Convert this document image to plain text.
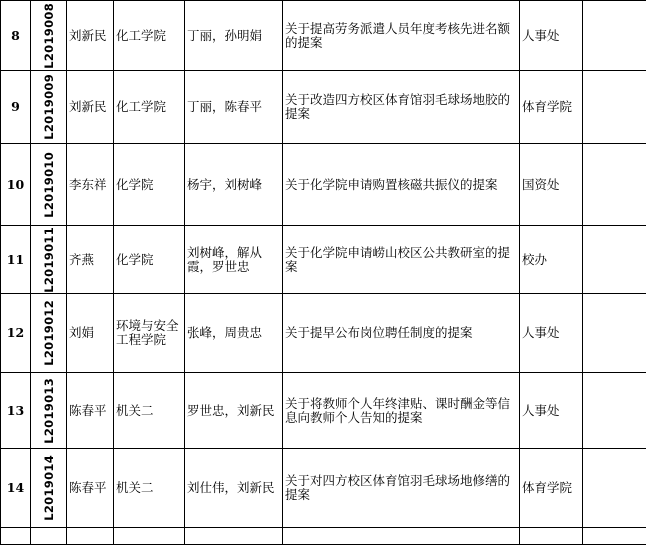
8	L2019008	刘新民	化工学院	丁丽，孙明娟	关于提高劳务派遣人员年度考核先进名额的提案	人事处	
9	L2019009	刘新民	化工学院	丁丽，陈春平	关于改造四方校区体育馆羽毛球场地胶的提案	体育学院	
10	L2019010	李东祥	化学院	杨宇，刘树峰	关于化学院申请购置核磁共振仪的提案	国资处	
11	L2019011	齐燕	化学院	刘树峰，解从霞，罗世忠	关于化学院申请崂山校区公共教研室的提案	校办	
12	L2019012	刘娟	环境与安全工程学院	张峰，周贵忠	关于提早公布岗位聘任制度的提案	人事处	
13	L2019013	陈春平	机关二	罗世忠，刘新民	关于将教师个人年终津贴、课时酬金等信息向教师个人告知的提案	人事处	
14	L2019014	陈春平	机关二	刘仕伟，刘新民	关于对四方校区体育馆羽毛球场地修缮的提案	体育学院	
